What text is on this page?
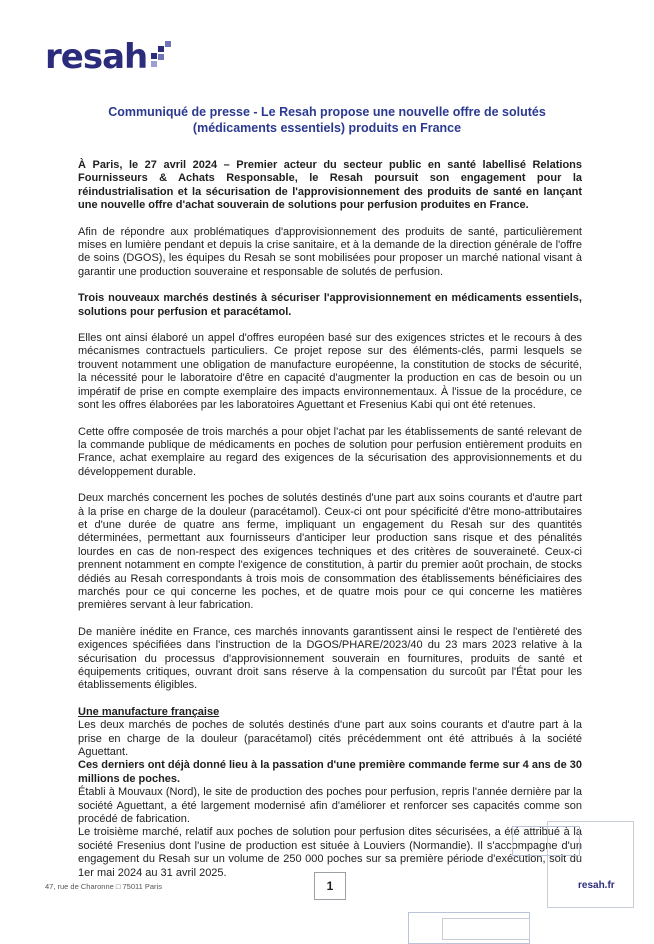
resah
Communiqué de presse - Le Resah propose une nouvelle offre de solutés (médicaments essentiels) produits en France

À Paris, le 27 avril 2024 – Premier acteur du secteur public en santé labellisé Relations Fournisseurs & Achats Responsable, le Resah poursuit son engagement pour la réindustrialisation et la sécurisation de l'approvisionnement des produits de santé en lançant une nouvelle offre d'achat souverain de solutions pour perfusion produites en France.

Afin de répondre aux problématiques d'approvisionnement des produits de santé, particulièrement mises en lumière pendant et depuis la crise sanitaire, et à la demande de la direction générale de l'offre de soins (DGOS), les équipes du Resah se sont mobilisées pour proposer un marché national visant à garantir une production souveraine et responsable de solutés de perfusion.

Trois nouveaux marchés destinés à sécuriser l'approvisionnement en médicaments essentiels, solutions pour perfusion et paracétamol.

Elles ont ainsi élaboré un appel d'offres européen basé sur des exigences strictes et le recours à des mécanismes contractuels particuliers. Ce projet repose sur des éléments-clés, parmi lesquels se trouvent notamment une obligation de manufacture européenne, la constitution de stocks de sécurité, la nécessité pour le laboratoire d'être en capacité d'augmenter la production en cas de besoin ou un impératif de prise en compte exemplaire des impacts environnementaux. À l'issue de la procédure, ce sont les offres élaborées par les laboratoires Aguettant et Fresenius Kabi qui ont été retenues.

Cette offre composée de trois marchés a pour objet l'achat par les établissements de santé relevant de la commande publique de médicaments en poches de solution pour perfusion entièrement produits en France, achat exemplaire au regard des exigences de la sécurisation des approvisionnements et du développement durable.

Deux marchés concernent les poches de solutés destinés d'une part aux soins courants et d'autre part à la prise en charge de la douleur (paracétamol). Ceux-ci ont pour spécificité d'être mono-attributaires et d'une durée de quatre ans ferme, impliquant un engagement du Resah sur des quantités déterminées, permettant aux fournisseurs d'anticiper leur production sans risque et des pénalités lourdes en cas de non-respect des exigences techniques et des critères de souveraineté. Ceux-ci prennent notamment en compte l'exigence de constitution, à partir du premier août prochain, de stocks dédiés au Resah correspondants à trois mois de consommation des établissements bénéficiaires des marchés pour ce qui concerne les poches, et de quatre mois pour ce qui concerne les matières premières servant à leur fabrication.

De manière inédite en France, ces marchés innovants garantissent ainsi le respect de l'entièreté des exigences spécifiées dans l'instruction de la DGOS/PHARE/2023/40 du 23 mars 2023 relative à la sécurisation du processus d'approvisionnement souverain en fournitures, produits de santé et équipements critiques, ouvrant droit sans réserve à la compensation du surcoût par l'État pour les établissements éligibles.

Une manufacture française

Les deux marchés de poches de solutés destinés d'une part aux soins courants et d'autre part à la prise en charge de la douleur (paracétamol) cités précédemment ont été attribués à la société Aguettant.

Ces derniers ont déjà donné lieu à la passation d'une première commande ferme sur 4 ans de 30 millions de poches.

Établi à Mouvaux (Nord), le site de production des poches pour perfusion, repris l'année dernière par la société Aguettant, a été largement modernisé afin d'améliorer et renforcer ses capacités comme son procédé de fabrication.

Le troisième marché, relatif aux poches de solution pour perfusion dites sécurisées, a été attribué à la société Fresenius dont l'usine de production est située à Louviers (Normandie). Il s'accompagne d'un engagement du Resah sur un volume de 250 000 poches sur sa première période d'exécution, soit du 1er mai 2024 au 31 avril 2025.

47, rue de Charonne □ 75011 Paris	1	resah.fr
